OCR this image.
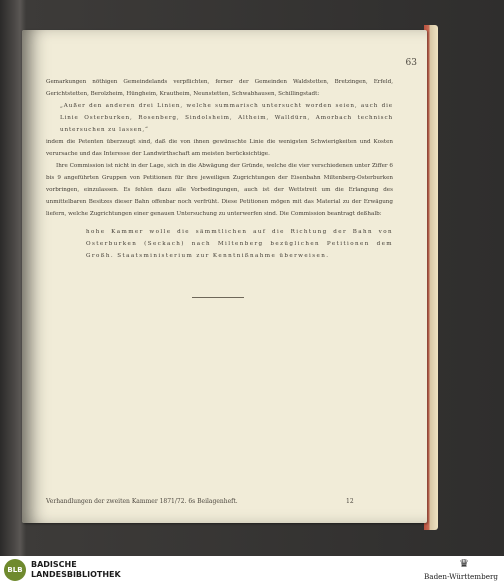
63

Gemarkungen nöthigen Gemeindelands verpflichten, ferner der Gemeinden Waldstetten, Bretzingen, Erfeld, Gerichtstetten, Berolzheim, Hüngheim, Krautheim, Neunstetten, Schwabhausen, Schillingstadt:

„Außer den anderen drei Linien, welche summarisch untersucht worden seien, auch die Linie Osterburken, Rosenberg, Sindolsheim, Altheim, Walldürn, Amorbach technisch untersuchen zu lassen,“

indem die Petenten überzeugt sind, daß die von ihnen gewünschte Linie die wenigsten Schwierigkeiten und Kosten verursache und das Interesse der Landwirthschaft am meisten berücksichtige.

Ihre Commission ist nicht in der Lage, sich in die Abwägung der Gründe, welche die vier verschiedenen unter Ziffer 6 bis 9 angeführten Gruppen von Petitionen für ihre jeweiligen Zugrichtungen der Eisenbahn Miltenberg-Osterburken vorbringen, einzulassen. Es fehlen dazu alle Vorbedingungen, auch ist der Wettstreit um die Erlangung des unmittelbaren Besitzes dieser Bahn offenbar noch verfrüht. Diese Petitionen mögen mit das Material zu der Erwägung liefern, welche Zugrichtungen einer genauen Untersuchung zu unterwerfen sind. Die Commission beantragt deßhalb:

hohe Kammer wolle die sämmtlichen auf die Richtung der Bahn von Osterburken (Seckach) nach Miltenberg bezüglichen Petitionen dem Großh. Staatsministerium zur Kenntnißnahme überweisen.

Verhandlungen der zweiten Kammer 1871/72. 6s Beilagenheft.	12
BLB
BADISCHE
LANDESBIBLIOTHEK
♛
Baden-Württemberg
